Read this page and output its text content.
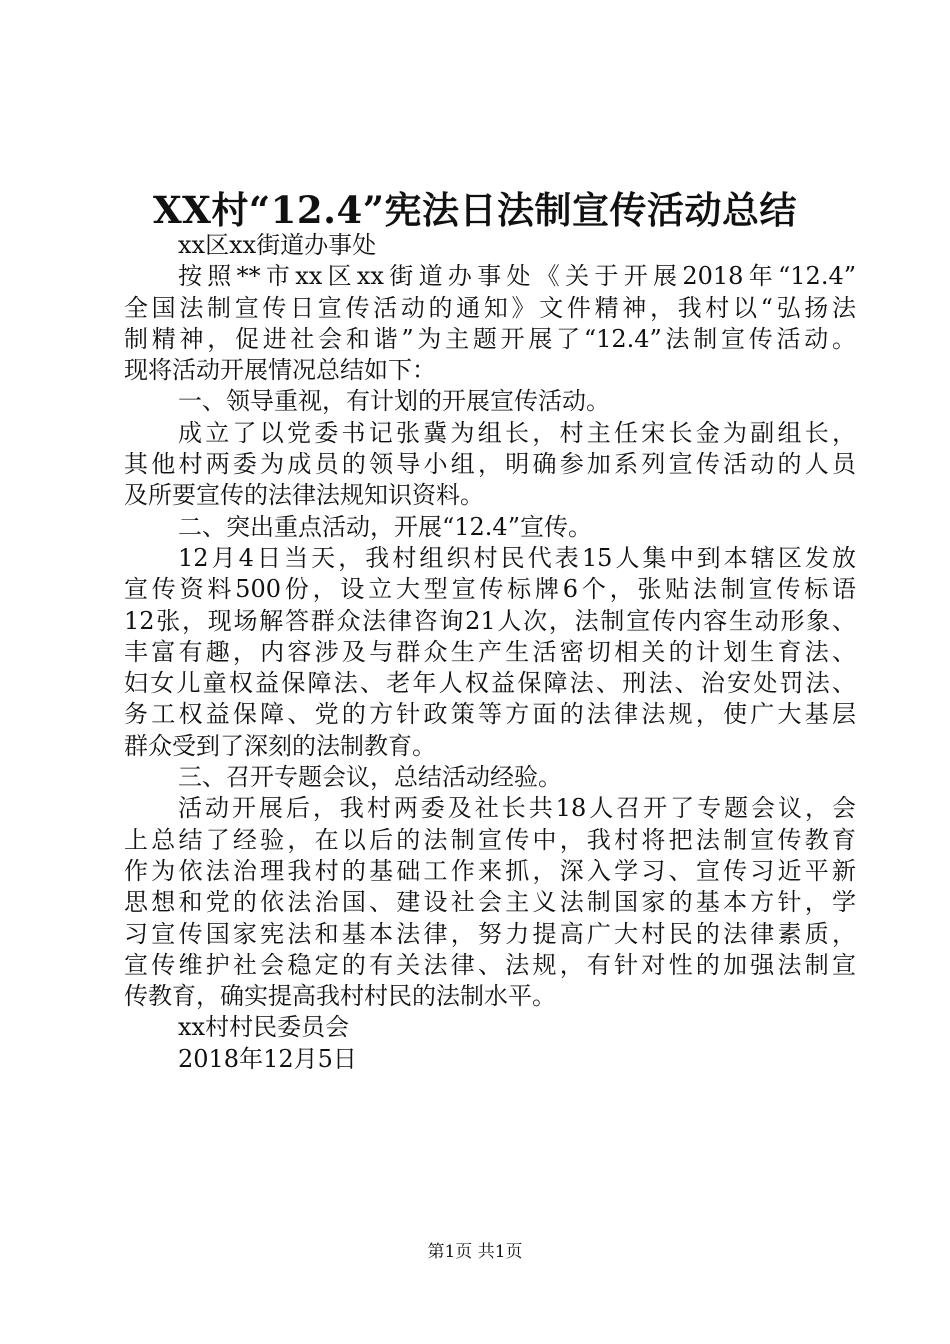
XX村“12.4”宪法日法制宣传活动总结
xx区xx街道办事处
按照**市xx区xx街道办事处《关于开展2018年“12.4”
全国法制宣传日宣传活动的通知》文件精神，我村以“弘扬法
制精神，促进社会和谐”为主题开展了“12.4”法制宣传活动。
现将活动开展情况总结如下：
一、领导重视，有计划的开展宣传活动。
成立了以党委书记张冀为组长，村主任宋长金为副组长，
其他村两委为成员的领导小组，明确参加系列宣传活动的人员
及所要宣传的法律法规知识资料。
二、突出重点活动，开展“12.4”宣传。
12月4日当天，我村组织村民代表15人集中到本辖区发放
宣传资料500份，设立大型宣传标牌6个，张贴法制宣传标语
12张，现场解答群众法律咨询21人次，法制宣传内容生动形象、
丰富有趣，内容涉及与群众生产生活密切相关的计划生育法、
妇女儿童权益保障法、老年人权益保障法、刑法、治安处罚法、
务工权益保障、党的方针政策等方面的法律法规，使广大基层
群众受到了深刻的法制教育。
三、召开专题会议，总结活动经验。
活动开展后，我村两委及社长共18人召开了专题会议，会
上总结了经验，在以后的法制宣传中，我村将把法制宣传教育
作为依法治理我村的基础工作来抓，深入学习、宣传习近平新
思想和党的依法治国、建设社会主义法制国家的基本方针，学
习宣传国家宪法和基本法律，努力提高广大村民的法律素质，
宣传维护社会稳定的有关法律、法规，有针对性的加强法制宣
传教育，确实提高我村村民的法制水平。
xx村村民委员会
2018年12月5日
第1页 共1页
